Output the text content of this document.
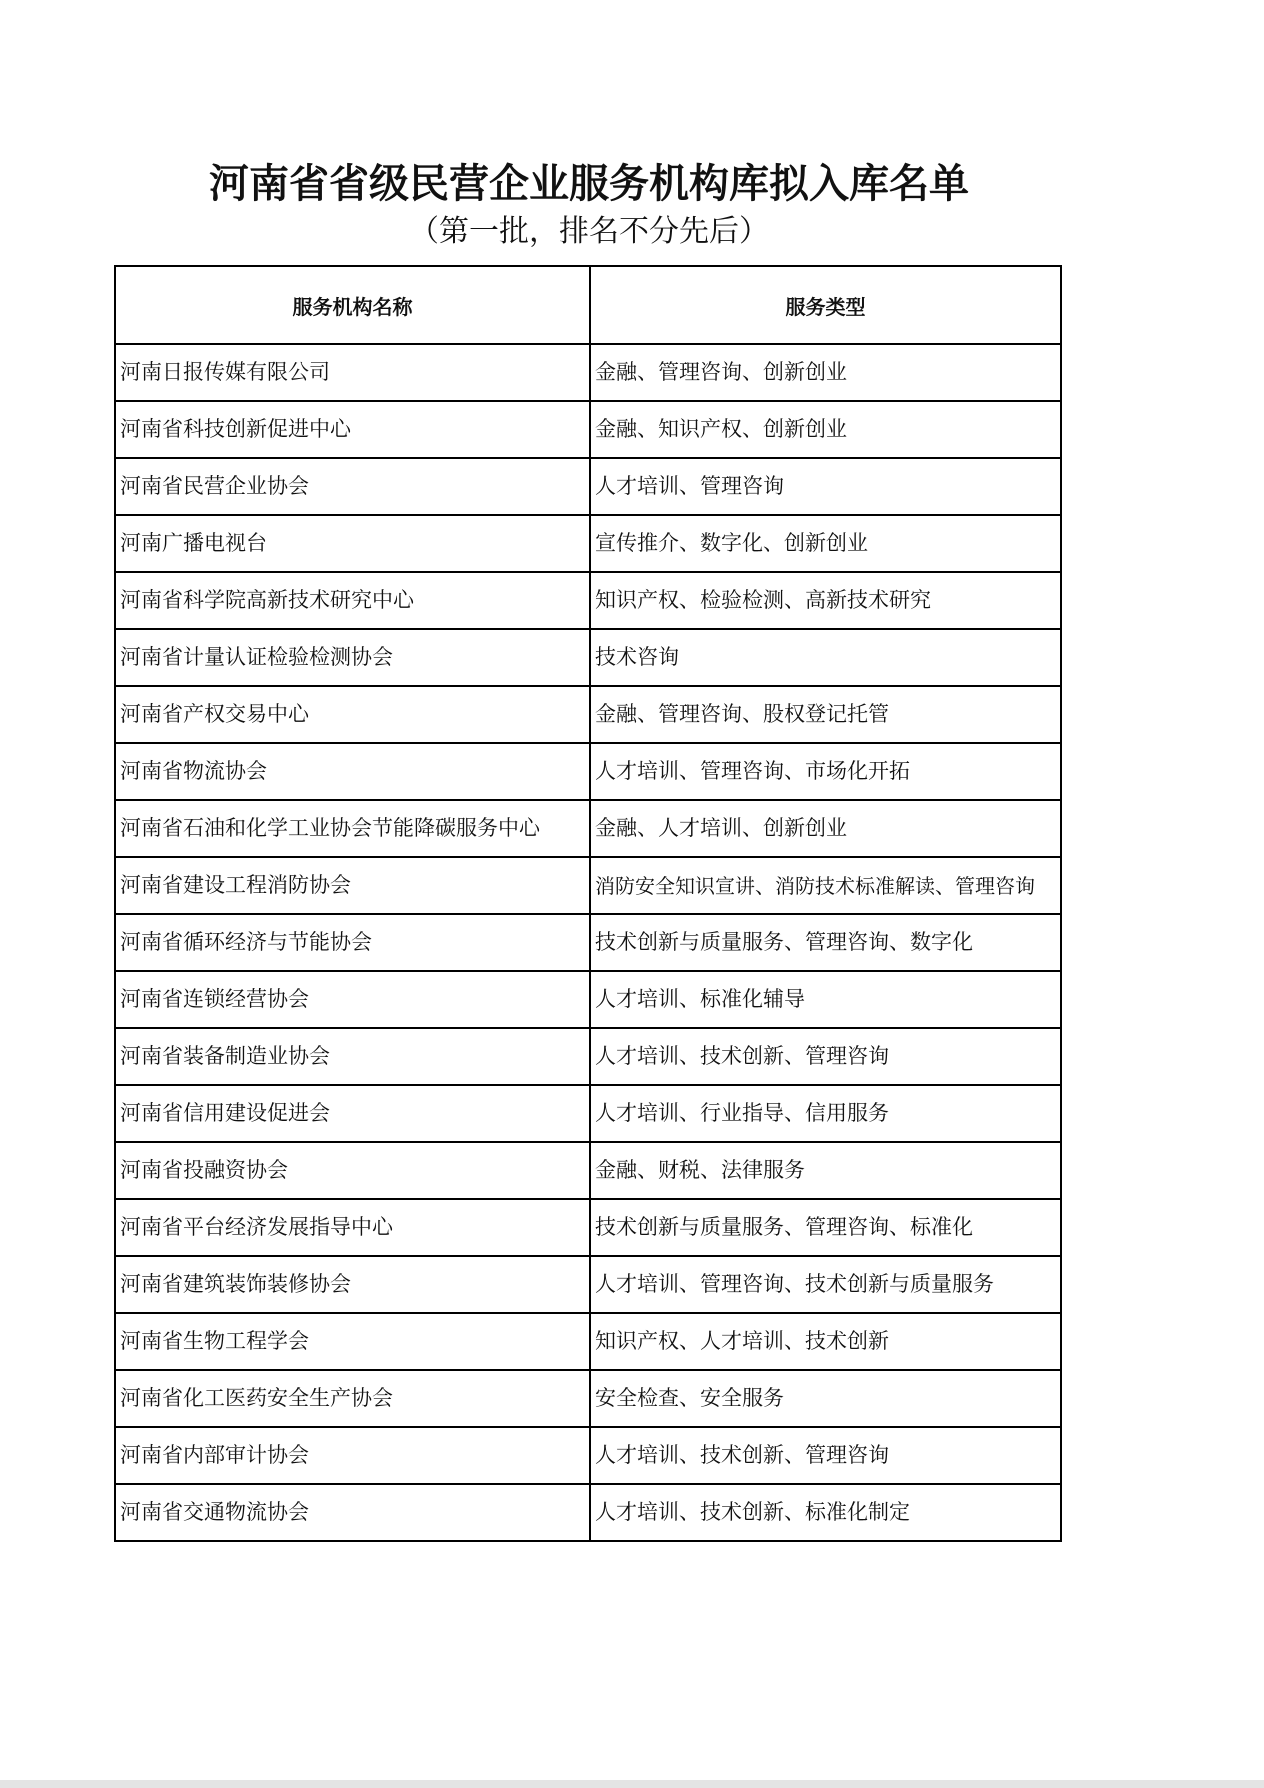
河南省省级民营企业服务机构库拟入库名单
（第一批，排名不分先后）
服务机构名称	服务类型
河南日报传媒有限公司	金融、管理咨询、创新创业
河南省科技创新促进中心	金融、知识产权、创新创业
河南省民营企业协会	人才培训、管理咨询
河南广播电视台	宣传推介、数字化、创新创业
河南省科学院高新技术研究中心	知识产权、检验检测、高新技术研究
河南省计量认证检验检测协会	技术咨询
河南省产权交易中心	金融、管理咨询、股权登记托管
河南省物流协会	人才培训、管理咨询、市场化开拓
河南省石油和化学工业协会节能降碳服务中心	金融、人才培训、创新创业
河南省建设工程消防协会	消防安全知识宣讲、消防技术标准解读、管理咨询
河南省循环经济与节能协会	技术创新与质量服务、管理咨询、数字化
河南省连锁经营协会	人才培训、标准化辅导
河南省装备制造业协会	人才培训、技术创新、管理咨询
河南省信用建设促进会	人才培训、行业指导、信用服务
河南省投融资协会	金融、财税、法律服务
河南省平台经济发展指导中心	技术创新与质量服务、管理咨询、标准化
河南省建筑装饰装修协会	人才培训、管理咨询、技术创新与质量服务
河南省生物工程学会	知识产权、人才培训、技术创新
河南省化工医药安全生产协会	安全检查、安全服务
河南省内部审计协会	人才培训、技术创新、管理咨询
河南省交通物流协会	人才培训、技术创新、标准化制定
